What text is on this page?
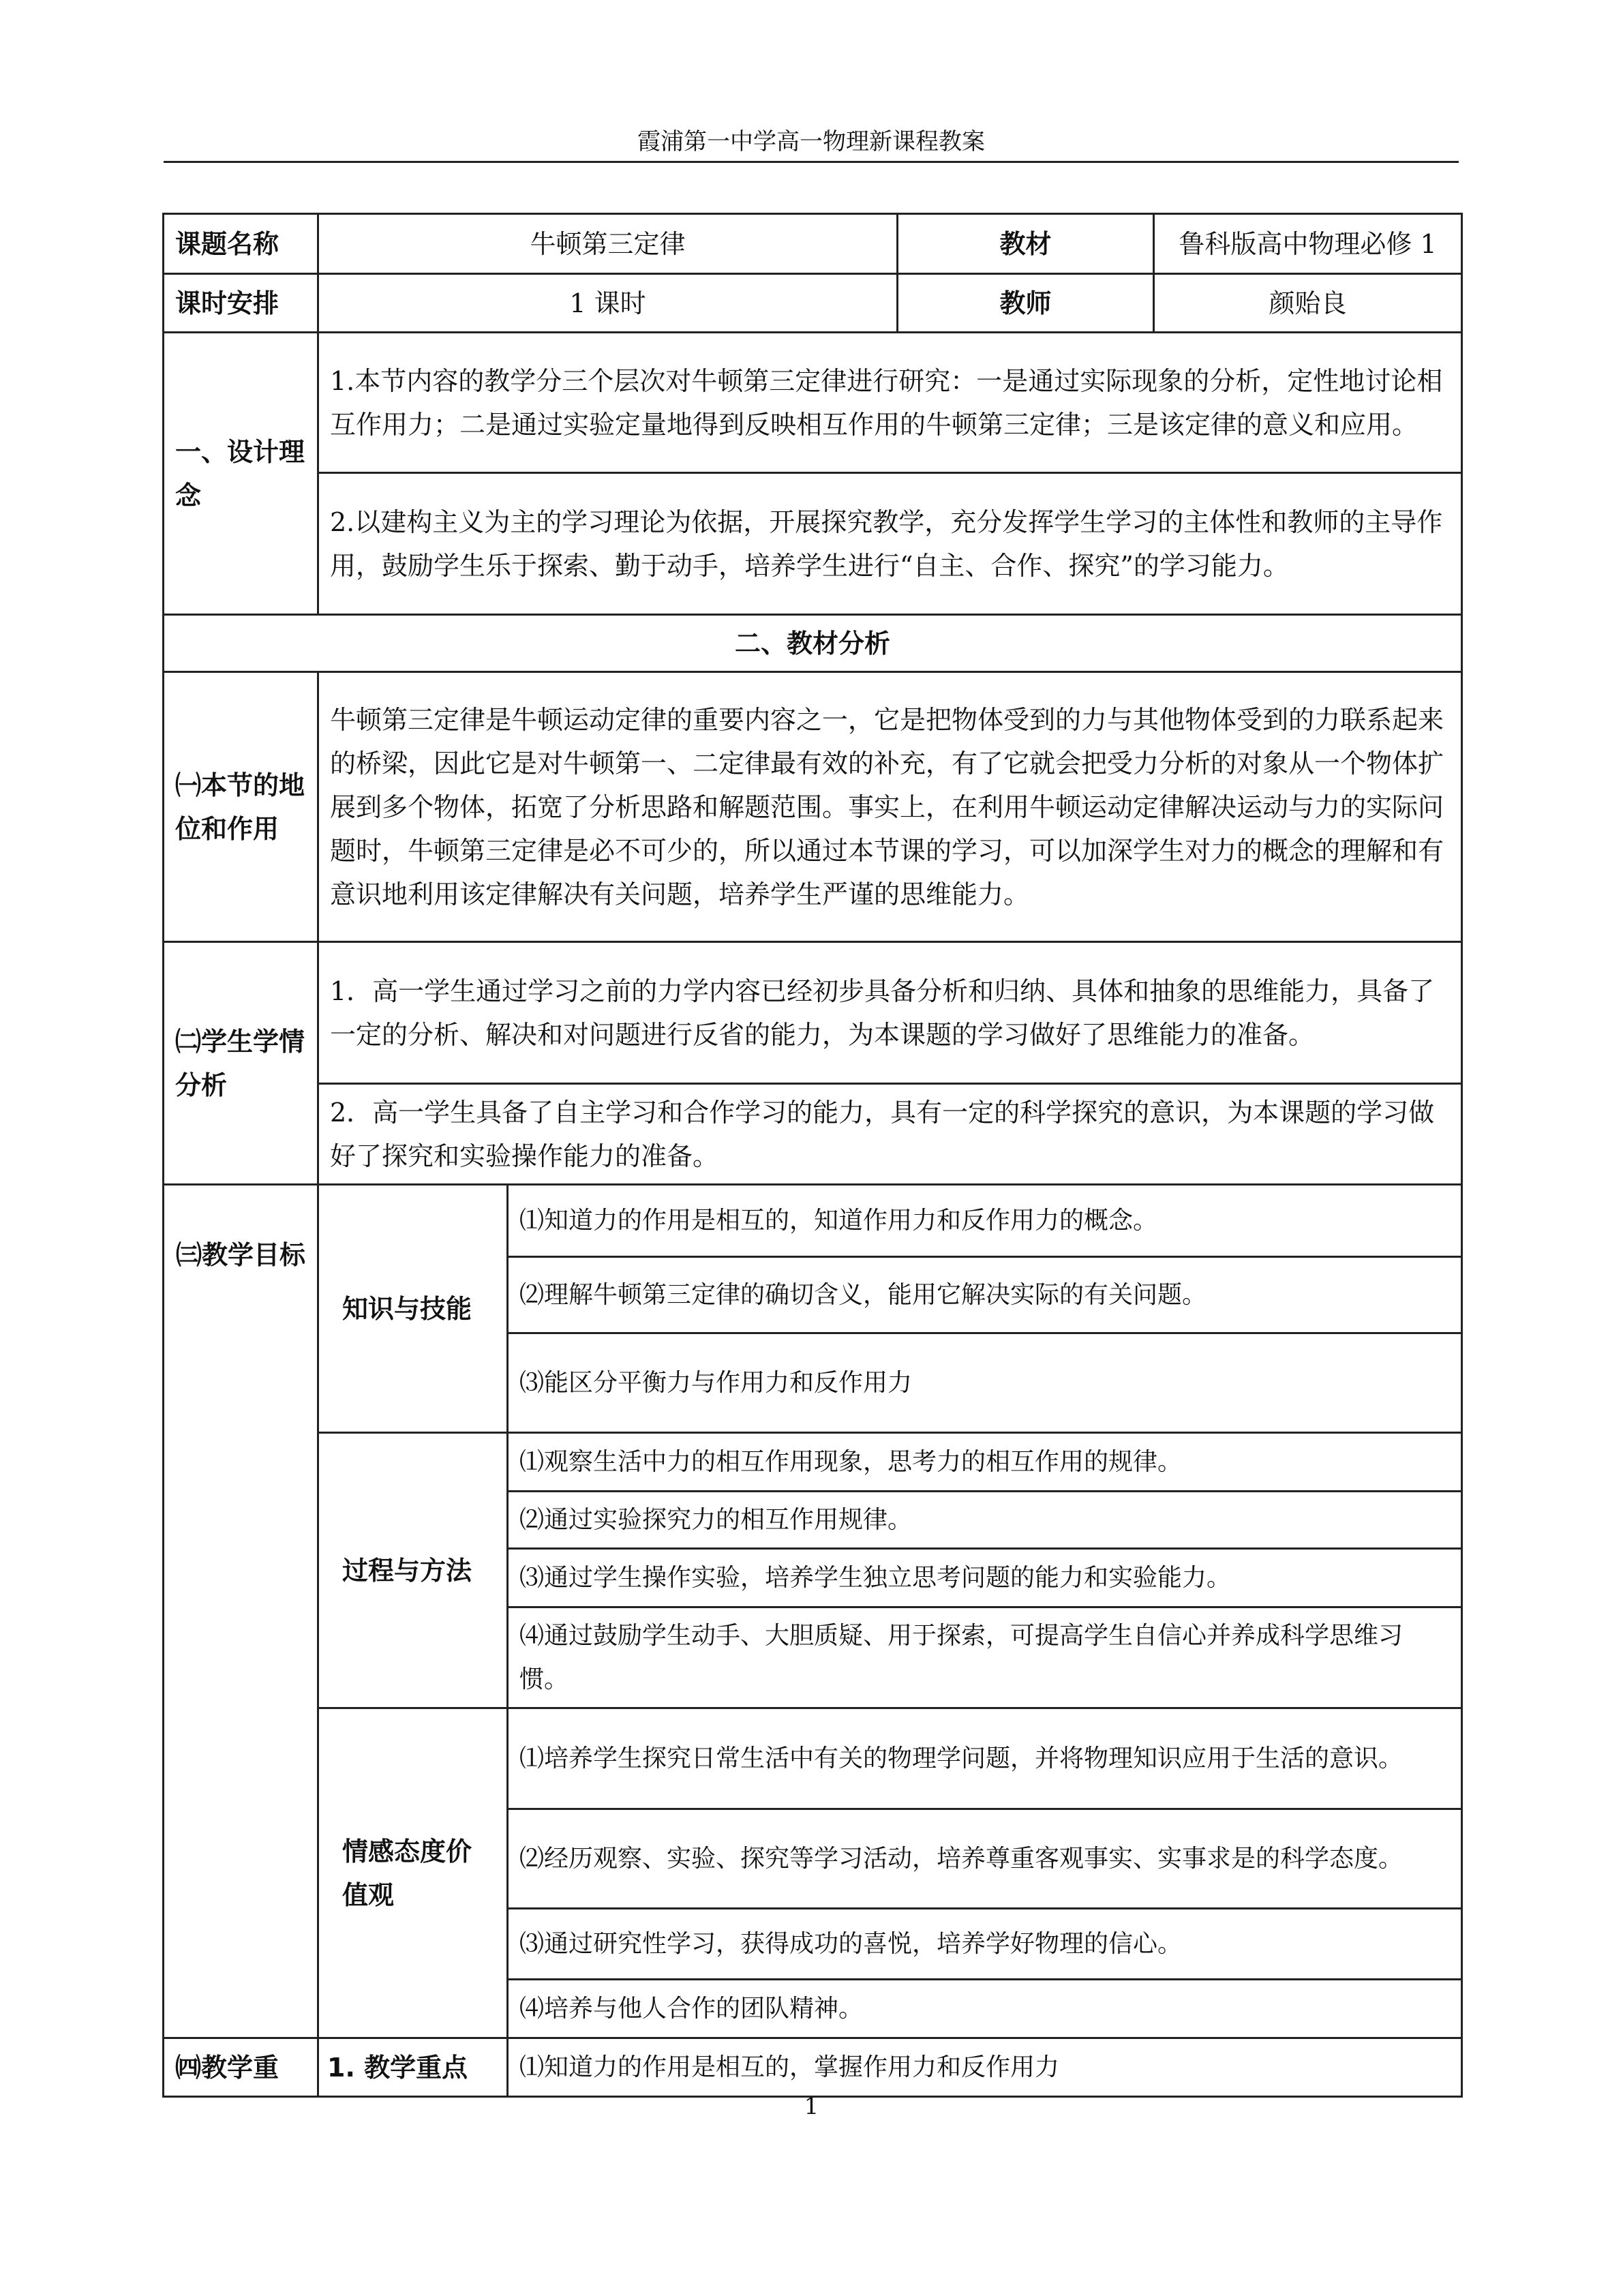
霞浦第一中学高一物理新课程教案
课题名称	牛顿第三定律		教材	鲁科版高中物理必修 1
课时安排	1 课时		教师	颜贻良
一、设计理念	1.本节内容的教学分三个层次对牛顿第三定律进行研究：一是通过实际现象的分析，定性地讨论相互作用力；二是通过实验定量地得到反映相互作用的牛顿第三定律；三是该定律的意义和应用。			
	2.以建构主义为主的学习理论为依据，开展探究教学，充分发挥学生学习的主体性和教师的主导作用，鼓励学生乐于探索、勤于动手，培养学生进行“自主、合作、探究”的学习能力。			
二、教材分析				
㈠本节的地位和作用	牛顿第三定律是牛顿运动定律的重要内容之一，它是把物体受到的力与其他物体受到的力联系起来的桥梁，因此它是对牛顿第一、二定律最有效的补充，有了它就会把受力分析的对象从一个物体扩展到多个物体，拓宽了分析思路和解题范围。事实上，在利用牛顿运动定律解决运动与力的实际问题时，牛顿第三定律是必不可少的，所以通过本节课的学习，可以加深学生对力的概念的理解和有意识地利用该定律解决有关问题，培养学生严谨的思维能力。			
㈡学生学情分析	1．高一学生通过学习之前的力学内容已经初步具备分析和归纳、具体和抽象的思维能力，具备了一定的分析、解决和对问题进行反省的能力，为本课题的学习做好了思维能力的准备。			
	2．高一学生具备了自主学习和合作学习的能力，具有一定的科学探究的意识，为本课题的学习做好了探究和实验操作能力的准备。			
㈢教学目标	知识与技能	⑴知道力的作用是相互的，知道作用力和反作用力的概念。		
		⑵理解牛顿第三定律的确切含义，能用它解决实际的有关问题。		
		⑶能区分平衡力与作用力和反作用力		
	过程与方法	⑴观察生活中力的相互作用现象，思考力的相互作用的规律。		
		⑵通过实验探究力的相互作用规律。		
		⑶通过学生操作实验，培养学生独立思考问题的能力和实验能力。		
		⑷通过鼓励学生动手、大胆质疑、用于探索，可提高学生自信心并养成科学思维习惯。		
	情感态度价值观	⑴培养学生探究日常生活中有关的物理学问题，并将物理知识应用于生活的意识。		
		⑵经历观察、实验、探究等学习活动，培养尊重客观事实、实事求是的科学态度。		
		⑶通过研究性学习，获得成功的喜悦，培养学好物理的信心。		
		⑷培养与他人合作的团队精神。		
㈣教学重	1. 教学重点	⑴知道力的作用是相互的，掌握作用力和反作用力		
1
